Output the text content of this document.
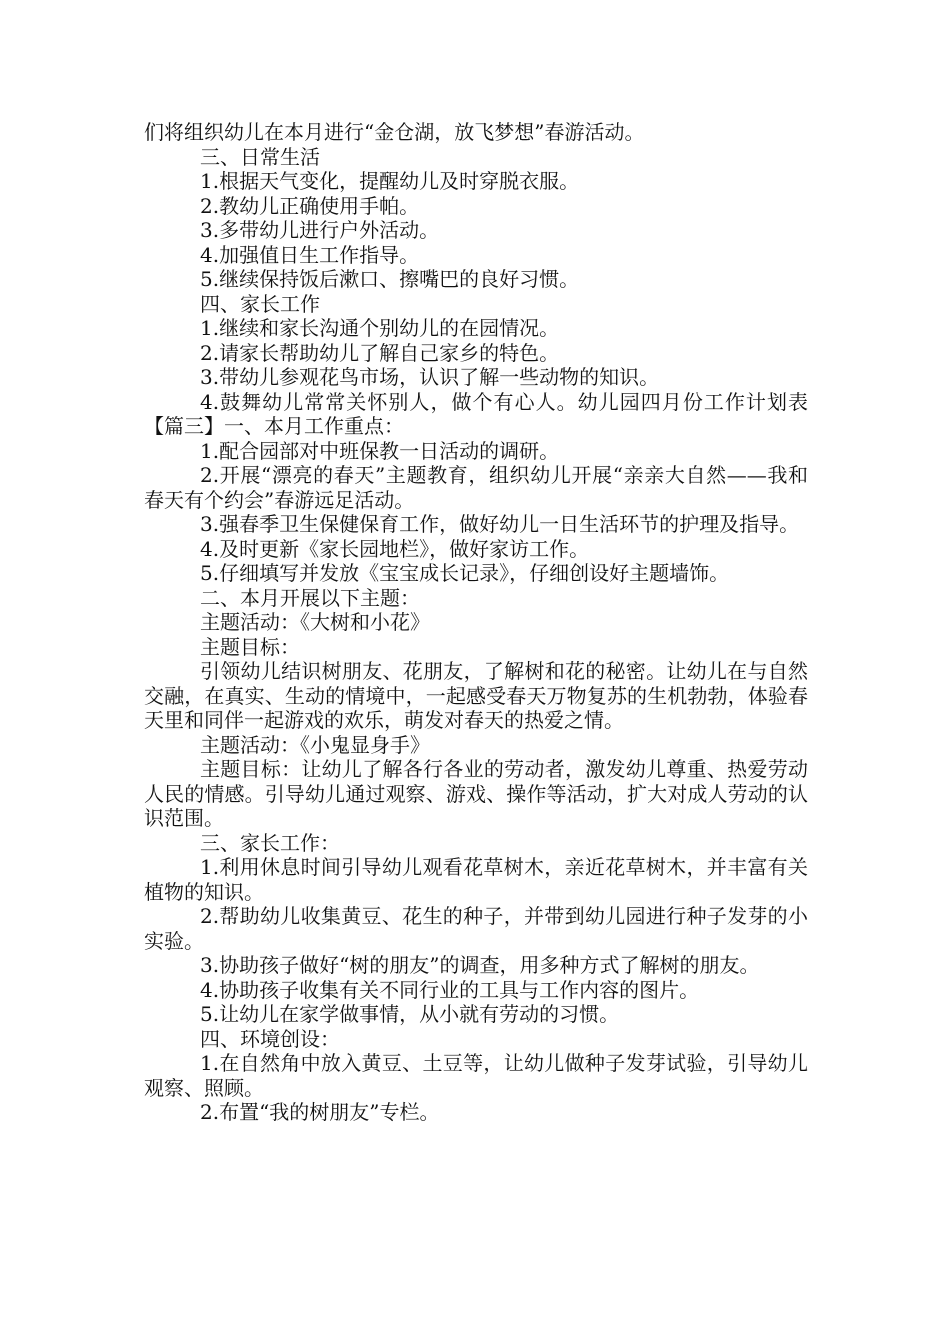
们将组织幼儿在本月进行“金仓湖，放飞梦想”春游活动。

三、日常生活

1.根据天气变化，提醒幼儿及时穿脱衣服。

2.教幼儿正确使用手帕。

3.多带幼儿进行户外活动。

4.加强值日生工作指导。

5.继续保持饭后漱口、擦嘴巴的良好习惯。

四、家长工作

1.继续和家长沟通个别幼儿的在园情况。

2.请家长帮助幼儿了解自己家乡的特色。

3.带幼儿参观花鸟市场，认识了解一些动物的知识。

4.鼓舞幼儿常常关怀别人，做个有心人。幼儿园四月份工作计划表【篇三】一、本月工作重点：

1.配合园部对中班保教一日活动的调研。

2.开展“漂亮的春天”主题教育，组织幼儿开展“亲亲大自然——我和春天有个约会”春游远足活动。

3.强春季卫生保健保育工作，做好幼儿一日生活环节的护理及指导。

4.及时更新《家长园地栏》，做好家访工作。

5.仔细填写并发放《宝宝成长记录》，仔细创设好主题墙饰。

二、本月开展以下主题：

主题活动：《大树和小花》

主题目标：

引领幼儿结识树朋友、花朋友，了解树和花的秘密。让幼儿在与自然交融，在真实、生动的情境中，一起感受春天万物复苏的生机勃勃，体验春天里和同伴一起游戏的欢乐，萌发对春天的热爱之情。

主题活动：《小鬼显身手》

主题目标：让幼儿了解各行各业的劳动者，激发幼儿尊重、热爱劳动人民的情感。引导幼儿通过观察、游戏、操作等活动，扩大对成人劳动的认识范围。

三、家长工作：

1.利用休息时间引导幼儿观看花草树木，亲近花草树木，并丰富有关植物的知识。

2.帮助幼儿收集黄豆、花生的种子，并带到幼儿园进行种子发芽的小实验。

3.协助孩子做好“树的朋友”的调查，用多种方式了解树的朋友。

4.协助孩子收集有关不同行业的工具与工作内容的图片。

5.让幼儿在家学做事情，从小就有劳动的习惯。

四、环境创设：

1.在自然角中放入黄豆、土豆等，让幼儿做种子发芽试验，引导幼儿观察、照顾。

2.布置“我的树朋友”专栏。
